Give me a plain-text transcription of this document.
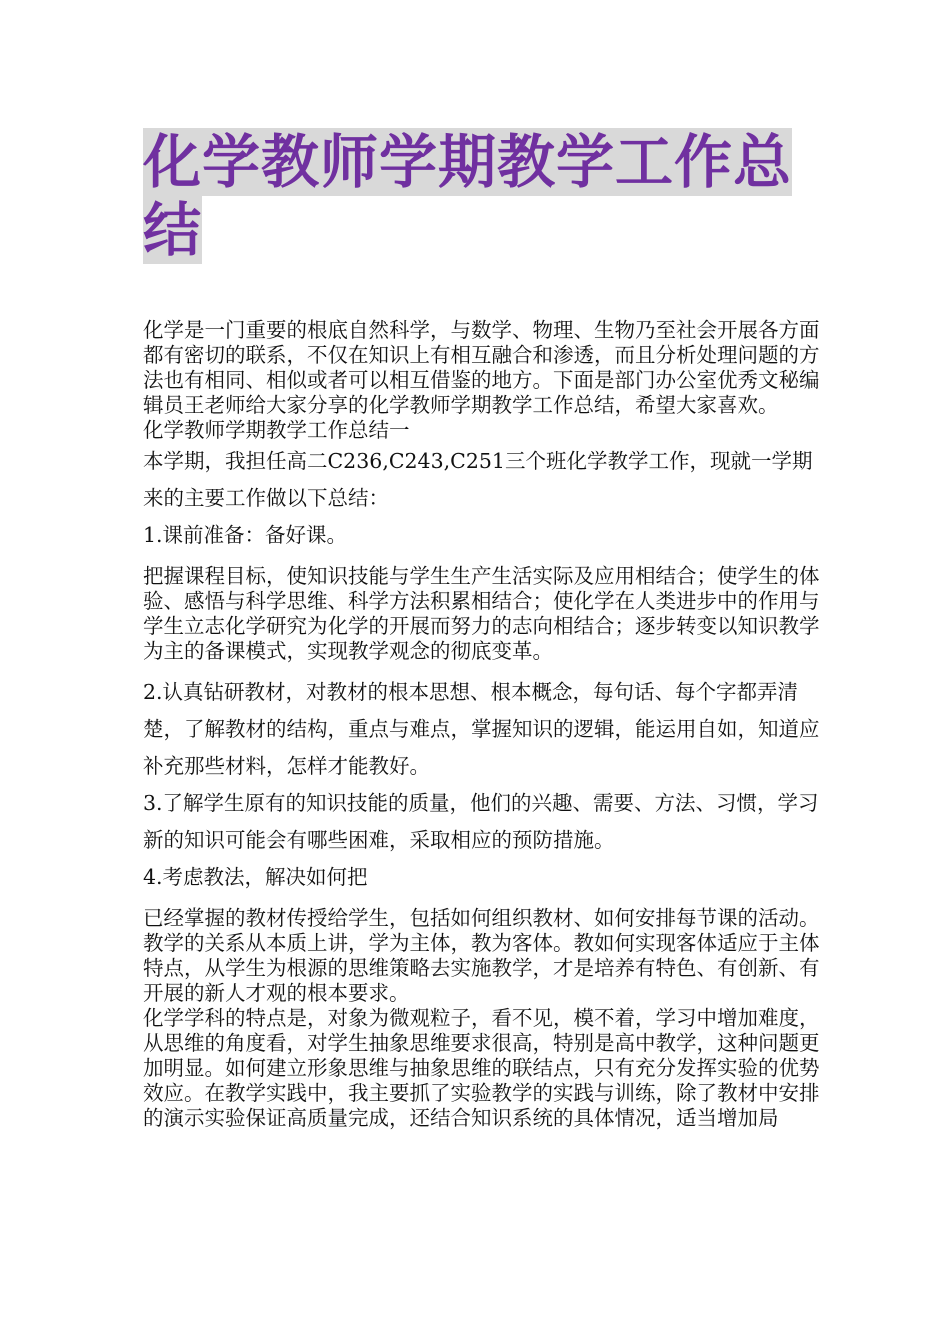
化学教师学期教学工作总结

化学是一门重要的根底自然科学，与数学、物理、生物乃至社会开展各方面都有密切的联系，不仅在知识上有相互融合和渗透，而且分析处理问题的方法也有相同、相似或者可以相互借鉴的地方。下面是部门办公室优秀文秘编辑员王老师给大家分享的化学教师学期教学工作总结，希望大家喜欢。

化学教师学期教学工作总结一

本学期，我担任高二C236,C243,C251三个班化学教学工作，现就一学期来的主要工作做以下总结：

1.课前准备：备好课。

把握课程目标，使知识技能与学生生产生活实际及应用相结合；使学生的体验、感悟与科学思维、科学方法积累相结合；使化学在人类进步中的作用与学生立志化学研究为化学的开展而努力的志向相结合；逐步转变以知识教学为主的备课模式，实现教学观念的彻底变革。

2.认真钻研教材，对教材的根本思想、根本概念，每句话、每个字都弄清楚，了解教材的结构，重点与难点，掌握知识的逻辑，能运用自如，知道应补充那些材料，怎样才能教好。

3.了解学生原有的知识技能的质量，他们的兴趣、需要、方法、习惯，学习新的知识可能会有哪些困难，采取相应的预防措施。

4.考虑教法，解决如何把

已经掌握的教材传授给学生，包括如何组织教材、如何安排每节课的活动。

教学的关系从本质上讲，学为主体，教为客体。教如何实现客体适应于主体特点，从学生为根源的思维策略去实施教学，才是培养有特色、有创新、有开展的新人才观的根本要求。

化学学科的特点是，对象为微观粒子，看不见，模不着，学习中增加难度，从思维的角度看，对学生抽象思维要求很高，特别是高中教学，这种问题更加明显。如何建立形象思维与抽象思维的联结点，只有充分发挥实验的优势效应。在教学实践中，我主要抓了实验教学的实践与训练，除了教材中安排的演示实验保证高质量完成，还结合知识系统的具体情况，适当增加局
